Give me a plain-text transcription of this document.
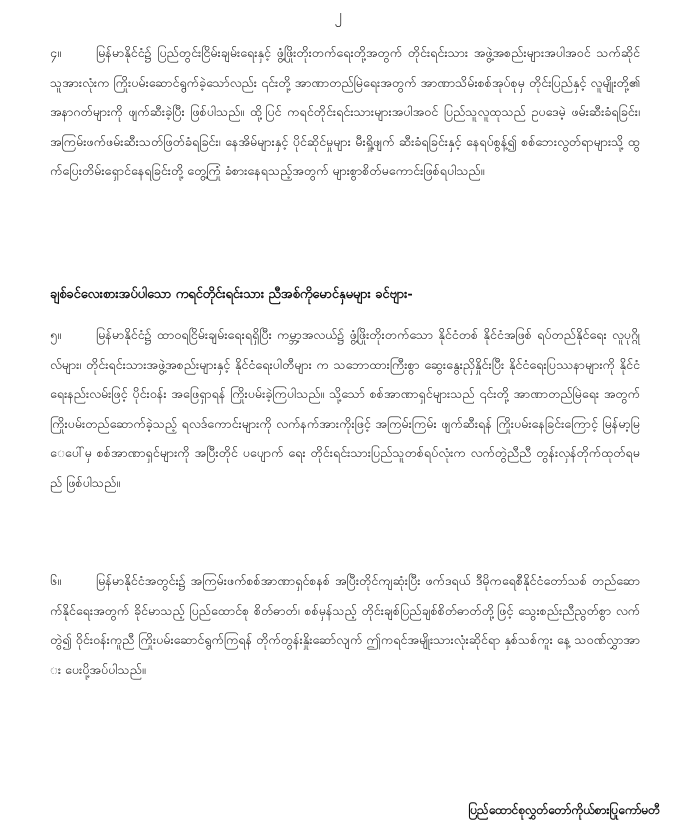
၂
၄။	မြန်မာနိုင်ငံ၌ ပြည်တွင်းငြိမ်းချမ်းရေးနှင့် ဖွံ့ဖြိုးတိုးတက်ရေးတို့အတွက် တိုင်းရင်းသား အဖွဲ့အစည်းများအပါအဝင် သက်ဆိုင်သူအားလုံးက ကြိုးပမ်းဆောင်ရွက်ခဲ့သော်လည်း ၎င်းတို့ အာဏာတည်မြဲရေးအတွက် အာဏာသိမ်းစစ်အုပ်စုမှ တိုင်းပြည်နှင့် လူမျိုးတို့၏ အနာဂတ်များကို ဖျက်ဆီးခဲ့ပြီး ဖြစ်ပါသည်။ ထို့ပြင် ကရင်တိုင်းရင်းသားများအပါအဝင် ပြည်သူလူထုသည် ဥပဒေမဲ့ ဖမ်းဆီးခံရခြင်း၊ အကြမ်းဖက်ဖမ်းဆီးသတ်ဖြတ်ခံရခြင်း၊ နေအိမ်များနှင့် ပိုင်ဆိုင်မှုများ မီးရှို့ဖျက် ဆီးခံရခြင်းနှင့် နေရပ်စွန့်၍ စစ်ဘေးလွတ်ရာများသို့ ထွက်ပြေးတိမ်းရှောင်နေရခြင်းတို့ တွေ့ကြုံ ခံစားနေရသည့်အတွက် များစွာစိတ်မကောင်းဖြစ်ရပါသည်။
ချစ်ခင်လေးစားအပ်ပါသော ကရင်တိုင်းရင်းသား ညီအစ်ကိုမောင်နှမများ ခင်ဗျား-
၅။	မြန်မာနိုင်ငံ၌ ထာဝရငြိမ်းချမ်းရေးရရှိပြီး ကမ္ဘာ့အလယ်၌ ဖွံ့ဖြိုးတိုးတက်သော နိုင်ငံတစ် နိုင်ငံအဖြစ် ရပ်တည်နိုင်ရေး လူပုဂ္ဂိုလ်များ၊ တိုင်းရင်းသားအဖွဲ့အစည်းများနှင့် နိုင်ငံရေးပါတီများ က သဘောထားကြီးစွာ ဆွေးနွေးညှိနှိုင်းပြီး နိုင်ငံရေးပြဿနာများကို နိုင်ငံရေးနည်းလမ်းဖြင့် ပိုင်းဝန်း အဖြေရှာရန် ကြိုးပမ်းခဲ့ကြပါသည်။ သို့သော် စစ်အာဏာရှင်များသည် ၎င်းတို့ အာဏာတည်မြဲရေး အတွက် ကြိုးပမ်းတည်ဆောက်ခဲ့သည့် ရလဒ်ကောင်းများကို လက်နက်အားကိုးဖြင့် အကြမ်းကြမ်း ဖျက်ဆီးရန် ကြိုးပမ်းနေခြင်းကြောင့် မြန်မာ့မြေပေါ်မှ စစ်အာဏာရှင်များကို အပြီးတိုင် ပပျောက် ရေး တိုင်းရင်းသားပြည်သူတစ်ရပ်လုံးက လက်တွဲညီညီ တွန်းလှန်တိုက်ထုတ်ရမည် ဖြစ်ပါသည်။
၆။	မြန်မာနိုင်ငံအတွင်း၌ အကြမ်းဖက်စစ်အာဏာရှင်စနစ် အပြီးတိုင်ကျဆုံးပြီး ဖက်ဒရယ် ဒီမိုကရေစီနိုင်ငံတော်သစ် တည်ဆောက်နိုင်ရေးအတွက် ခိုင်မာသည့် ပြည်ထောင်စု စိတ်ဓာတ်၊ စစ်မှန်သည့် တိုင်းချစ်ပြည်ချစ်စိတ်ဓာတ်တို့ဖြင့် သွေးစည်းညီညွတ်စွာ လက်တွဲ၍ ဝိုင်းဝန်းကူညီ ကြိုးပမ်းဆောင်ရွက်ကြရန် တိုက်တွန်းနှိုးဆော်လျက် ဤကရင်အမျိုးသားလုံးဆိုင်ရာ နှစ်သစ်ကူး နေ့ သဝဏ်လွှာအား ပေးပို့အပ်ပါသည်။
ပြည်ထောင်စုလွှတ်တော်ကိုယ်စားပြုကော်မတီ
